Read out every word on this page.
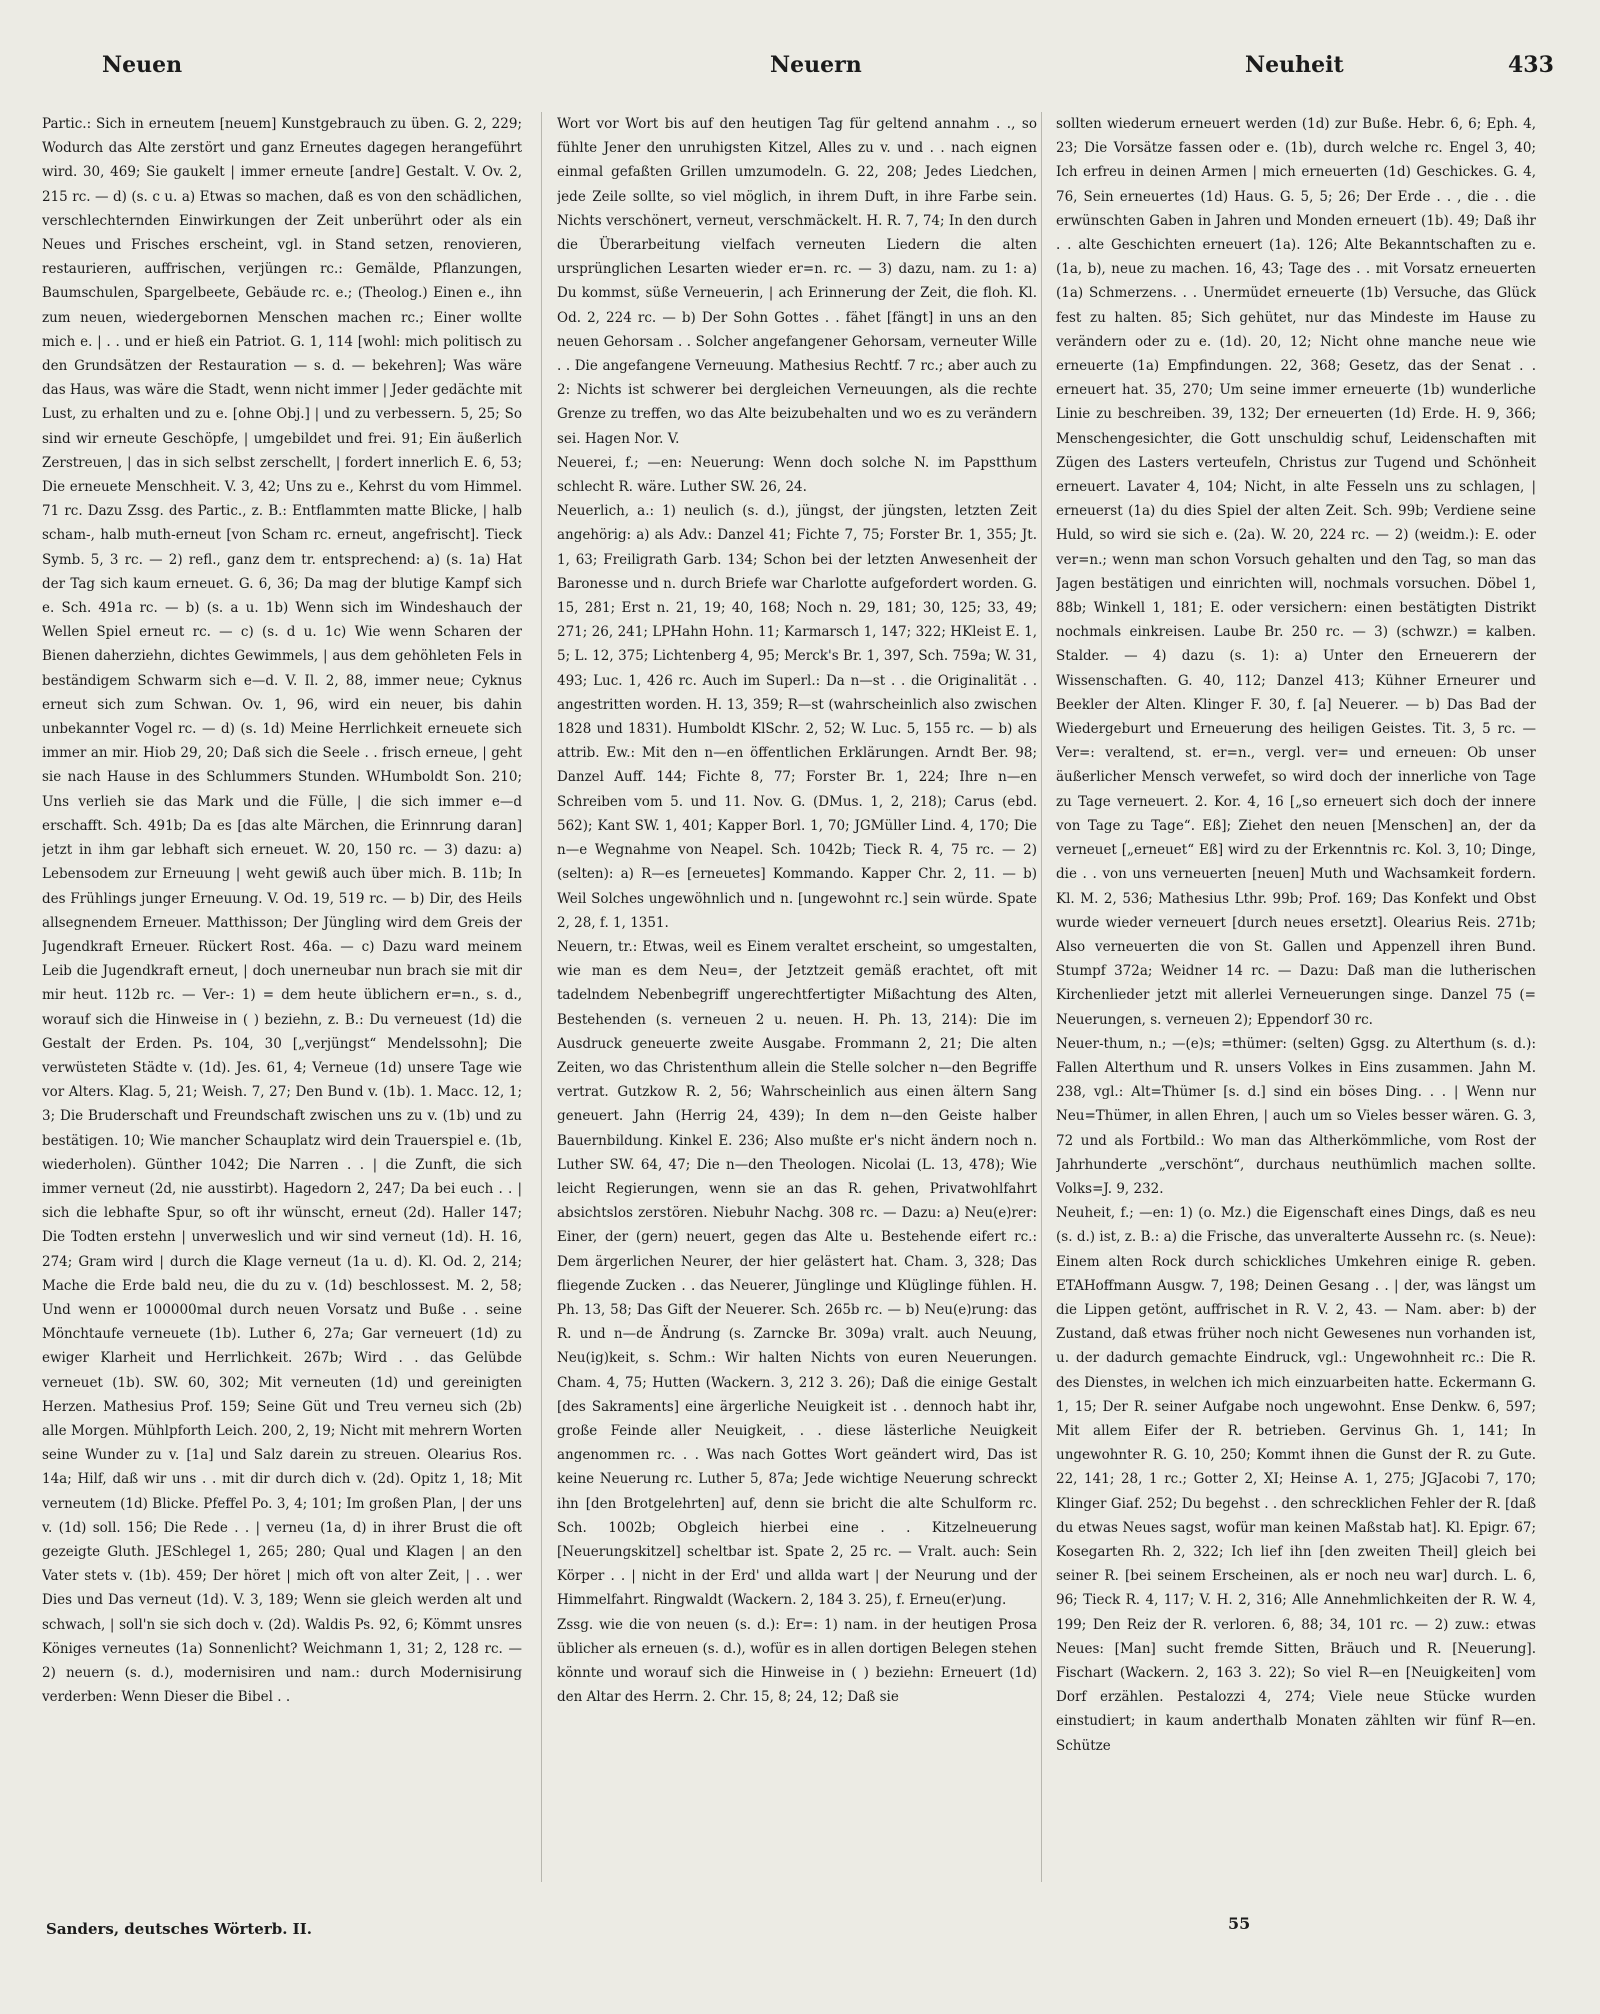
Neuen	Neuern	Neuheit	433

Partic.: Sich in erneutem [neuem] Kunstgebrauch zu üben. G. 2, 229; Wodurch das Alte zerstört und ganz Erneutes dagegen herangeführt wird. 30, 469; Sie gaukelt | immer erneute [andre] Gestalt. V. Ov. 2, 215 rc. — d) (s. c u. a) Etwas so machen, daß es von den schädlichen, verschlechternden Einwirkungen der Zeit unberührt oder als ein Neues und Frisches erscheint, vgl. in Stand setzen, renovieren, restaurieren, auffrischen, verjüngen rc.: Gemälde, Pflanzungen, Baumschulen, Spargelbeete, Gebäude rc. e.; (Theolog.) Einen e., ihn zum neuen, wiedergebornen Menschen machen rc.; Einer wollte mich e. | . . und er hieß ein Patriot. G. 1, 114 [wohl: mich politisch zu den Grundsätzen der Restauration — s. d. — bekehren]; Was wäre das Haus, was wäre die Stadt, wenn nicht immer | Jeder gedächte mit Lust, zu erhalten und zu e. [ohne Obj.] | und zu verbessern. 5, 25; So sind wir erneute Geschöpfe, | umgebildet und frei. 91; Ein äußerlich Zerstreuen, | das in sich selbst zerschellt, | fordert innerlich E. 6, 53; Die erneuete Menschheit. V. 3, 42; Uns zu e., Kehrst du vom Himmel. 71 rc. Dazu Zssg. des Partic., z. B.: Entflammten matte Blicke, | halb scham-, halb muth-erneut [von Scham rc. erneut, angefrischt]. Tieck Symb. 5, 3 rc. — 2) refl., ganz dem tr. entsprechend: a) (s. 1a) Hat der Tag sich kaum erneuet. G. 6, 36; Da mag der blutige Kampf sich e. Sch. 491a rc. — b) (s. a u. 1b) Wenn sich im Windeshauch der Wellen Spiel erneut rc. — c) (s. d u. 1c) Wie wenn Scharen der Bienen daherziehn, dichtes Gewimmels, | aus dem gehöhleten Fels in beständigem Schwarm sich e—d. V. Il. 2, 88, immer neue; Cyknus erneut sich zum Schwan. Ov. 1, 96, wird ein neuer, bis dahin unbekannter Vogel rc. — d) (s. 1d) Meine Herrlichkeit erneuete sich immer an mir. Hiob 29, 20; Daß sich die Seele . . frisch erneue, | geht sie nach Hause in des Schlummers Stunden. WHumboldt Son. 210; Uns verlieh sie das Mark und die Fülle, | die sich immer e—d erschafft. Sch. 491b; Da es [das alte Märchen, die Erinnrung daran] jetzt in ihm gar lebhaft sich erneuet. W. 20, 150 rc. — 3) dazu: a) Lebensodem zur Erneuung | weht gewiß auch über mich. B. 11b; In des Frühlings junger Erneuung. V. Od. 19, 519 rc. — b) Dir, des Heils allsegnendem Erneuer. Matthisson; Der Jüngling wird dem Greis der Jugendkraft Erneuer. Rückert Rost. 46a. — c) Dazu ward meinem Leib die Jugendkraft erneut, | doch unerneubar nun brach sie mit dir mir heut. 112b rc. — Ver-: 1) = dem heute üblichern er=n., s. d., worauf sich die Hinweise in ( ) beziehn, z. B.: Du verneuest (1d) die Gestalt der Erden. Ps. 104, 30 [„verjüngst“ Mendelssohn]; Die verwüsteten Städte v. (1d). Jes. 61, 4; Verneue (1d) unsere Tage wie vor Alters. Klag. 5, 21; Weish. 7, 27; Den Bund v. (1b). 1. Macc. 12, 1; 3; Die Bruderschaft und Freundschaft zwischen uns zu v. (1b) und zu bestätigen. 10; Wie mancher Schauplatz wird dein Trauerspiel e. (1b, wiederholen). Günther 1042; Die Narren . . | die Zunft, die sich immer verneut (2d, nie ausstirbt). Hagedorn 2, 247; Da bei euch . . | sich die lebhafte Spur, so oft ihr wünscht, erneut (2d). Haller 147; Die Todten erstehn | unverweslich und wir sind verneut (1d). H. 16, 274; Gram wird | durch die Klage verneut (1a u. d). Kl. Od. 2, 214; Mache die Erde bald neu, die du zu v. (1d) beschlossest. M. 2, 58; Und wenn er 100000mal durch neuen Vorsatz und Buße . . seine Mönchtaufe verneuete (1b). Luther 6, 27a; Gar verneuert (1d) zu ewiger Klarheit und Herrlichkeit. 267b; Wird . . das Gelübde verneuet (1b). SW. 60, 302; Mit verneuten (1d) und gereinigten Herzen. Mathesius Prof. 159; Seine Güt und Treu verneu sich (2b) alle Morgen. Mühlpforth Leich. 200, 2, 19; Nicht mit mehrern Worten seine Wunder zu v. [1a] und Salz darein zu streuen. Olearius Ros. 14a; Hilf, daß wir uns . . mit dir durch dich v. (2d). Opitz 1, 18; Mit verneutem (1d) Blicke. Pfeffel Po. 3, 4; 101; Im großen Plan, | der uns v. (1d) soll. 156; Die Rede . . | verneu (1a, d) in ihrer Brust die oft gezeigte Gluth. JESchlegel 1, 265; 280; Qual und Klagen | an den Vater stets v. (1b). 459; Der höret | mich oft von alter Zeit, | . . wer Dies und Das verneut (1d). V. 3, 189; Wenn sie gleich werden alt und schwach, | soll'n sie sich doch v. (2d). Waldis Ps. 92, 6; Kömmt unsres Königes verneutes (1a) Sonnenlicht? Weichmann 1, 31; 2, 128 rc. — 2) neuern (s. d.), modernisiren und nam.: durch Modernisirung verderben: Wenn Dieser die Bibel . .

Wort vor Wort bis auf den heutigen Tag für geltend annahm . ., so fühlte Jener den unruhigsten Kitzel, Alles zu v. und . . nach eignen einmal gefaßten Grillen umzumodeln. G. 22, 208; Jedes Liedchen, jede Zeile sollte, so viel möglich, in ihrem Duft, in ihre Farbe sein. Nichts verschönert, verneut, verschmäckelt. H. R. 7, 74; In den durch die Überarbeitung vielfach verneuten Liedern die alten ursprünglichen Lesarten wieder er=n. rc. — 3) dazu, nam. zu 1: a) Du kommst, süße Verneuerin, | ach Erinnerung der Zeit, die floh. Kl. Od. 2, 224 rc. — b) Der Sohn Gottes . . fähet [fängt] in uns an den neuen Gehorsam . . Solcher angefangener Gehorsam, verneuter Wille . . Die angefangene Verneuung. Mathesius Rechtf. 7 rc.; aber auch zu 2: Nichts ist schwerer bei dergleichen Verneuungen, als die rechte Grenze zu treffen, wo das Alte beizubehalten und wo es zu verändern sei. Hagen Nor. V.

Neuerei, f.; —en: Neuerung: Wenn doch solche N. im Papstthum schlecht R. wäre. Luther SW. 26, 24.

Neuerlich, a.: 1) neulich (s. d.), jüngst, der jüngsten, letzten Zeit angehörig: a) als Adv.: Danzel 41; Fichte 7, 75; Forster Br. 1, 355; Jt. 1, 63; Freiligrath Garb. 134; Schon bei der letzten Anwesenheit der Baronesse und n. durch Briefe war Charlotte aufgefordert worden. G. 15, 281; Erst n. 21, 19; 40, 168; Noch n. 29, 181; 30, 125; 33, 49; 271; 26, 241; LPHahn Hohn. 11; Karmarsch 1, 147; 322; HKleist E. 1, 5; L. 12, 375; Lichtenberg 4, 95; Merck's Br. 1, 397, Sch. 759a; W. 31, 493; Luc. 1, 426 rc. Auch im Superl.: Da n—st . . die Originalität . . angestritten worden. H. 13, 359; R—st (wahrscheinlich also zwischen 1828 und 1831). Humboldt KlSchr. 2, 52; W. Luc. 5, 155 rc. — b) als attrib. Ew.: Mit den n—en öffentlichen Erklärungen. Arndt Ber. 98; Danzel Auff. 144; Fichte 8, 77; Forster Br. 1, 224; Ihre n—en Schreiben vom 5. und 11. Nov. G. (DMus. 1, 2, 218); Carus (ebd. 562); Kant SW. 1, 401; Kapper Borl. 1, 70; JGMüller Lind. 4, 170; Die n—e Wegnahme von Neapel. Sch. 1042b; Tieck R. 4, 75 rc. — 2) (selten): a) R—es [erneuetes] Kommando. Kapper Chr. 2, 11. — b) Weil Solches ungewöhnlich und n. [ungewohnt rc.] sein würde. Spate 2, 28, f. 1, 1351.

Neuern, tr.: Etwas, weil es Einem veraltet erscheint, so umgestalten, wie man es dem Neu=, der Jetztzeit gemäß erachtet, oft mit tadelndem Nebenbegriff ungerechtfertigter Mißachtung des Alten, Bestehenden (s. verneuen 2 u. neuen. H. Ph. 13, 214): Die im Ausdruck geneuerte zweite Ausgabe. Frommann 2, 21; Die alten Zeiten, wo das Christenthum allein die Stelle solcher n—den Begriffe vertrat. Gutzkow R. 2, 56; Wahrscheinlich aus einen ältern Sang geneuert. Jahn (Herrig 24, 439); In dem n—den Geiste halber Bauernbildung. Kinkel E. 236; Also mußte er's nicht ändern noch n. Luther SW. 64, 47; Die n—den Theologen. Nicolai (L. 13, 478); Wie leicht Regierungen, wenn sie an das R. gehen, Privatwohlfahrt absichtslos zerstören. Niebuhr Nachg. 308 rc. — Dazu: a) Neu(e)rer: Einer, der (gern) neuert, gegen das Alte u. Bestehende eifert rc.: Dem ärgerlichen Neurer, der hier gelästert hat. Cham. 3, 328; Das fliegende Zucken . . das Neuerer, Jünglinge und Klüglinge fühlen. H. Ph. 13, 58; Das Gift der Neuerer. Sch. 265b rc. — b) Neu(e)rung: das R. und n—de Ändrung (s. Zarncke Br. 309a) vralt. auch Neuung, Neu(ig)keit, s. Schm.: Wir halten Nichts von euren Neuerungen. Cham. 4, 75; Hutten (Wackern. 3, 212 3. 26); Daß die einige Gestalt [des Sakraments] eine ärgerliche Neuigkeit ist . . dennoch habt ihr, große Feinde aller Neuigkeit, . . diese lästerliche Neuigkeit angenommen rc. . . Was nach Gottes Wort geändert wird, Das ist keine Neuerung rc. Luther 5, 87a; Jede wichtige Neuerung schreckt ihn [den Brotgelehrten] auf, denn sie bricht die alte Schulform rc. Sch. 1002b; Obgleich hierbei eine . . Kitzelneuerung [Neuerungskitzel] scheltbar ist. Spate 2, 25 rc. — Vralt. auch: Sein Körper . . | nicht in der Erd' und allda wart | der Neurung und der Himmelfahrt. Ringwaldt (Wackern. 2, 184 3. 25), f. Erneu(er)ung.

Zssg. wie die von neuen (s. d.): Er=: 1) nam. in der heutigen Prosa üblicher als erneuen (s. d.), wofür es in allen dortigen Belegen stehen könnte und worauf sich die Hinweise in ( ) beziehn: Erneuert (1d) den Altar des Herrn. 2. Chr. 15, 8; 24, 12; Daß sie

sollten wiederum erneuert werden (1d) zur Buße. Hebr. 6, 6; Eph. 4, 23; Die Vorsätze fassen oder e. (1b), durch welche rc. Engel 3, 40; Ich erfreu in deinen Armen | mich erneuerten (1d) Geschickes. G. 4, 76, Sein erneuertes (1d) Haus. G. 5, 5; 26; Der Erde . . , die . . die erwünschten Gaben in Jahren und Monden erneuert (1b). 49; Daß ihr . . alte Geschichten erneuert (1a). 126; Alte Bekanntschaften zu e. (1a, b), neue zu machen. 16, 43; Tage des . . mit Vorsatz erneuerten (1a) Schmerzens. . . Unermüdet erneuerte (1b) Versuche, das Glück fest zu halten. 85; Sich gehütet, nur das Mindeste im Hause zu verändern oder zu e. (1d). 20, 12; Nicht ohne manche neue wie erneuerte (1a) Empfindungen. 22, 368; Gesetz, das der Senat . . erneuert hat. 35, 270; Um seine immer erneuerte (1b) wunderliche Linie zu beschreiben. 39, 132; Der erneuerten (1d) Erde. H. 9, 366; Menschengesichter, die Gott unschuldig schuf, Leidenschaften mit Zügen des Lasters verteufeln, Christus zur Tugend und Schönheit erneuert. Lavater 4, 104; Nicht, in alte Fesseln uns zu schlagen, | erneuerst (1a) du dies Spiel der alten Zeit. Sch. 99b; Verdiene seine Huld, so wird sie sich e. (2a). W. 20, 224 rc. — 2) (weidm.): E. oder ver=n.; wenn man schon Vorsuch gehalten und den Tag, so man das Jagen bestätigen und einrichten will, nochmals vorsuchen. Döbel 1, 88b; Winkell 1, 181; E. oder versichern: einen bestätigten Distrikt nochmals einkreisen. Laube Br. 250 rc. — 3) (schwzr.) = kalben. Stalder. — 4) dazu (s. 1): a) Unter den Erneuerern der Wissenschaften. G. 40, 112; Danzel 413; Kühner Erneurer und Beekler der Alten. Klinger F. 30, f. [a] Neuerer. — b) Das Bad der Wiedergeburt und Erneuerung des heiligen Geistes. Tit. 3, 5 rc. — Ver=: veraltend, st. er=n., vergl. ver= und erneuen: Ob unser äußerlicher Mensch verwefet, so wird doch der innerliche von Tage zu Tage verneuert. 2. Kor. 4, 16 [„so erneuert sich doch der innere von Tage zu Tage“. Eß]; Ziehet den neuen [Menschen] an, der da verneuet [„erneuet“ Eß] wird zu der Erkenntnis rc. Kol. 3, 10; Dinge, die . . von uns verneuerten [neuen] Muth und Wachsamkeit fordern. Kl. M. 2, 536; Mathesius Lthr. 99b; Prof. 169; Das Konfekt und Obst wurde wieder verneuert [durch neues ersetzt]. Olearius Reis. 271b; Also verneuerten die von St. Gallen und Appenzell ihren Bund. Stumpf 372a; Weidner 14 rc. — Dazu: Daß man die lutherischen Kirchenlieder jetzt mit allerlei Verneuerungen singe. Danzel 75 (= Neuerungen, s. verneuen 2); Eppendorf 30 rc.

Neuer-thum, n.; —(e)s; =thümer: (selten) Ggsg. zu Alterthum (s. d.): Fallen Alterthum und R. unsers Volkes in Eins zusammen. Jahn M. 238, vgl.: Alt=Thümer [s. d.] sind ein böses Ding. . . | Wenn nur Neu=Thümer, in allen Ehren, | auch um so Vieles besser wären. G. 3, 72 und als Fortbild.: Wo man das Altherkömmliche, vom Rost der Jahrhunderte „verschönt“, durchaus neuthümlich machen sollte. Volks=J. 9, 232.

Neuheit, f.; —en: 1) (o. Mz.) die Eigenschaft eines Dings, daß es neu (s. d.) ist, z. B.: a) die Frische, das unveralterte Aussehn rc. (s. Neue): Einem alten Rock durch schickliches Umkehren einige R. geben. ETAHoffmann Ausgw. 7, 198; Deinen Gesang . . | der, was längst um die Lippen getönt, auffrischet in R. V. 2, 43. — Nam. aber: b) der Zustand, daß etwas früher noch nicht Gewesenes nun vorhanden ist, u. der dadurch gemachte Eindruck, vgl.: Ungewohnheit rc.: Die R. des Dienstes, in welchen ich mich einzuarbeiten hatte. Eckermann G. 1, 15; Der R. seiner Aufgabe noch ungewohnt. Ense Denkw. 6, 597; Mit allem Eifer der R. betrieben. Gervinus Gh. 1, 141; In ungewohnter R. G. 10, 250; Kommt ihnen die Gunst der R. zu Gute. 22, 141; 28, 1 rc.; Gotter 2, XI; Heinse A. 1, 275; JGJacobi 7, 170; Klinger Giaf. 252; Du begehst . . den schrecklichen Fehler der R. [daß du etwas Neues sagst, wofür man keinen Maßstab hat]. Kl. Epigr. 67; Kosegarten Rh. 2, 322; Ich lief ihn [den zweiten Theil] gleich bei seiner R. [bei seinem Erscheinen, als er noch neu war] durch. L. 6, 96; Tieck R. 4, 117; V. H. 2, 316; Alle Annehmlichkeiten der R. W. 4, 199; Den Reiz der R. verloren. 6, 88; 34, 101 rc. — 2) zuw.: etwas Neues: [Man] sucht fremde Sitten, Bräuch und R. [Neuerung]. Fischart (Wackern. 2, 163 3. 22); So viel R—en [Neuigkeiten] vom Dorf erzählen. Pestalozzi 4, 274; Viele neue Stücke wurden einstudiert; in kaum anderthalb Monaten zählten wir fünf R—en. Schütze

Sanders, deutsches Wörterb. II.	55
